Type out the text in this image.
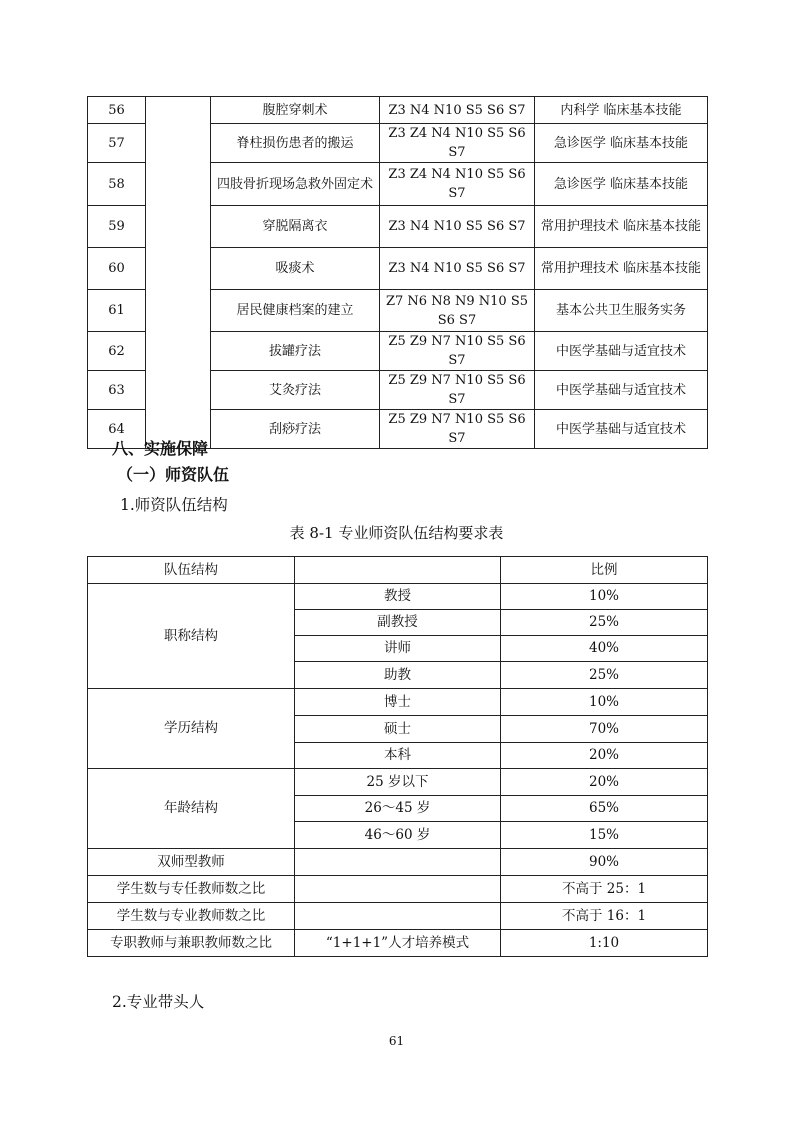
56		腹腔穿刺术	Z3 N4 N10 S5 S6 S7	内科学 临床基本技能
57		脊柱损伤患者的搬运	Z3 Z4 N4 N10 S5 S6 S7	急诊医学 临床基本技能
58		四肢骨折现场急救外固定术	Z3 Z4 N4 N10 S5 S6 S7	急诊医学 临床基本技能
59		穿脱隔离衣	Z3 N4 N10 S5 S6 S7	常用护理技术 临床基本技能
60		吸痰术	Z3 N4 N10 S5 S6 S7	常用护理技术 临床基本技能
61		居民健康档案的建立	Z7 N6 N8 N9 N10 S5 S6 S7	基本公共卫生服务实务
62		拔罐疗法	Z5 Z9 N7 N10 S5 S6 S7	中医学基础与适宜技术
63		艾灸疗法	Z5 Z9 N7 N10 S5 S6 S7	中医学基础与适宜技术
64		刮痧疗法	Z5 Z9 N7 N10 S5 S6 S7	中医学基础与适宜技术
八、实施保障
（一）师资队伍
1.师资队伍结构
表 8-1 专业师资队伍结构要求表
队伍结构		比例
职称结构	教授	10%
	副教授	25%
	讲师	40%
	助教	25%
学历结构	博士	10%
	硕士	70%
	本科	20%
年龄结构	25 岁以下	20%
	26～45 岁	65%
	46～60 岁	15%
双师型教师		90%
学生数与专任教师数之比		不高于 25：1
学生数与专业教师数之比		不高于 16：1
专职教师与兼职教师数之比	“1+1+1”人才培养模式	1:10
2.专业带头人
61
